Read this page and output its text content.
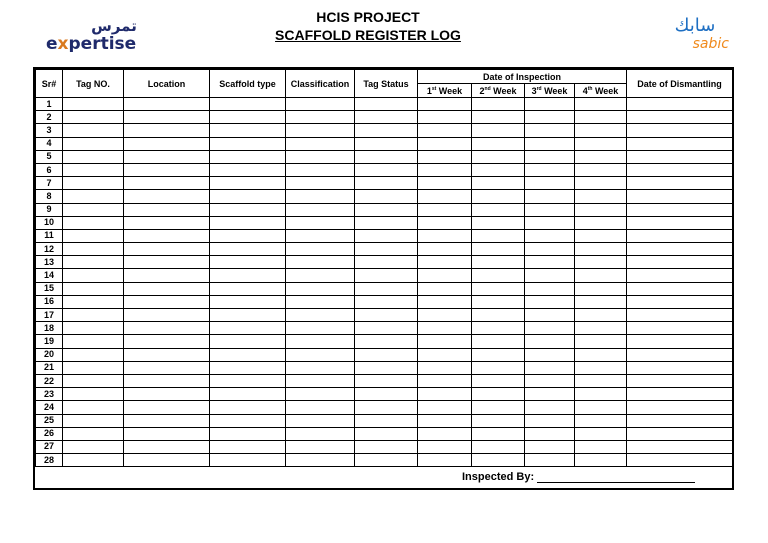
تمرس
expertise
HCIS PROJECT
SCAFFOLD REGISTER LOG	سابك
sabic
Sr#	Tag NO.	Location	Scaffold type	Classification	Tag Status	Date of Inspection				Date of Dismantling
						1st Week	2nd Week	3rd Week	4th Week	
1										
2										
3										
4										
5										
6										
7										
8										
9										
10										
11										
12										
13										
14										
15										
16										
17										
18										
19										
20										
21										
22										
23										
24										
25										
26										
27										
28										
Inspected By:
